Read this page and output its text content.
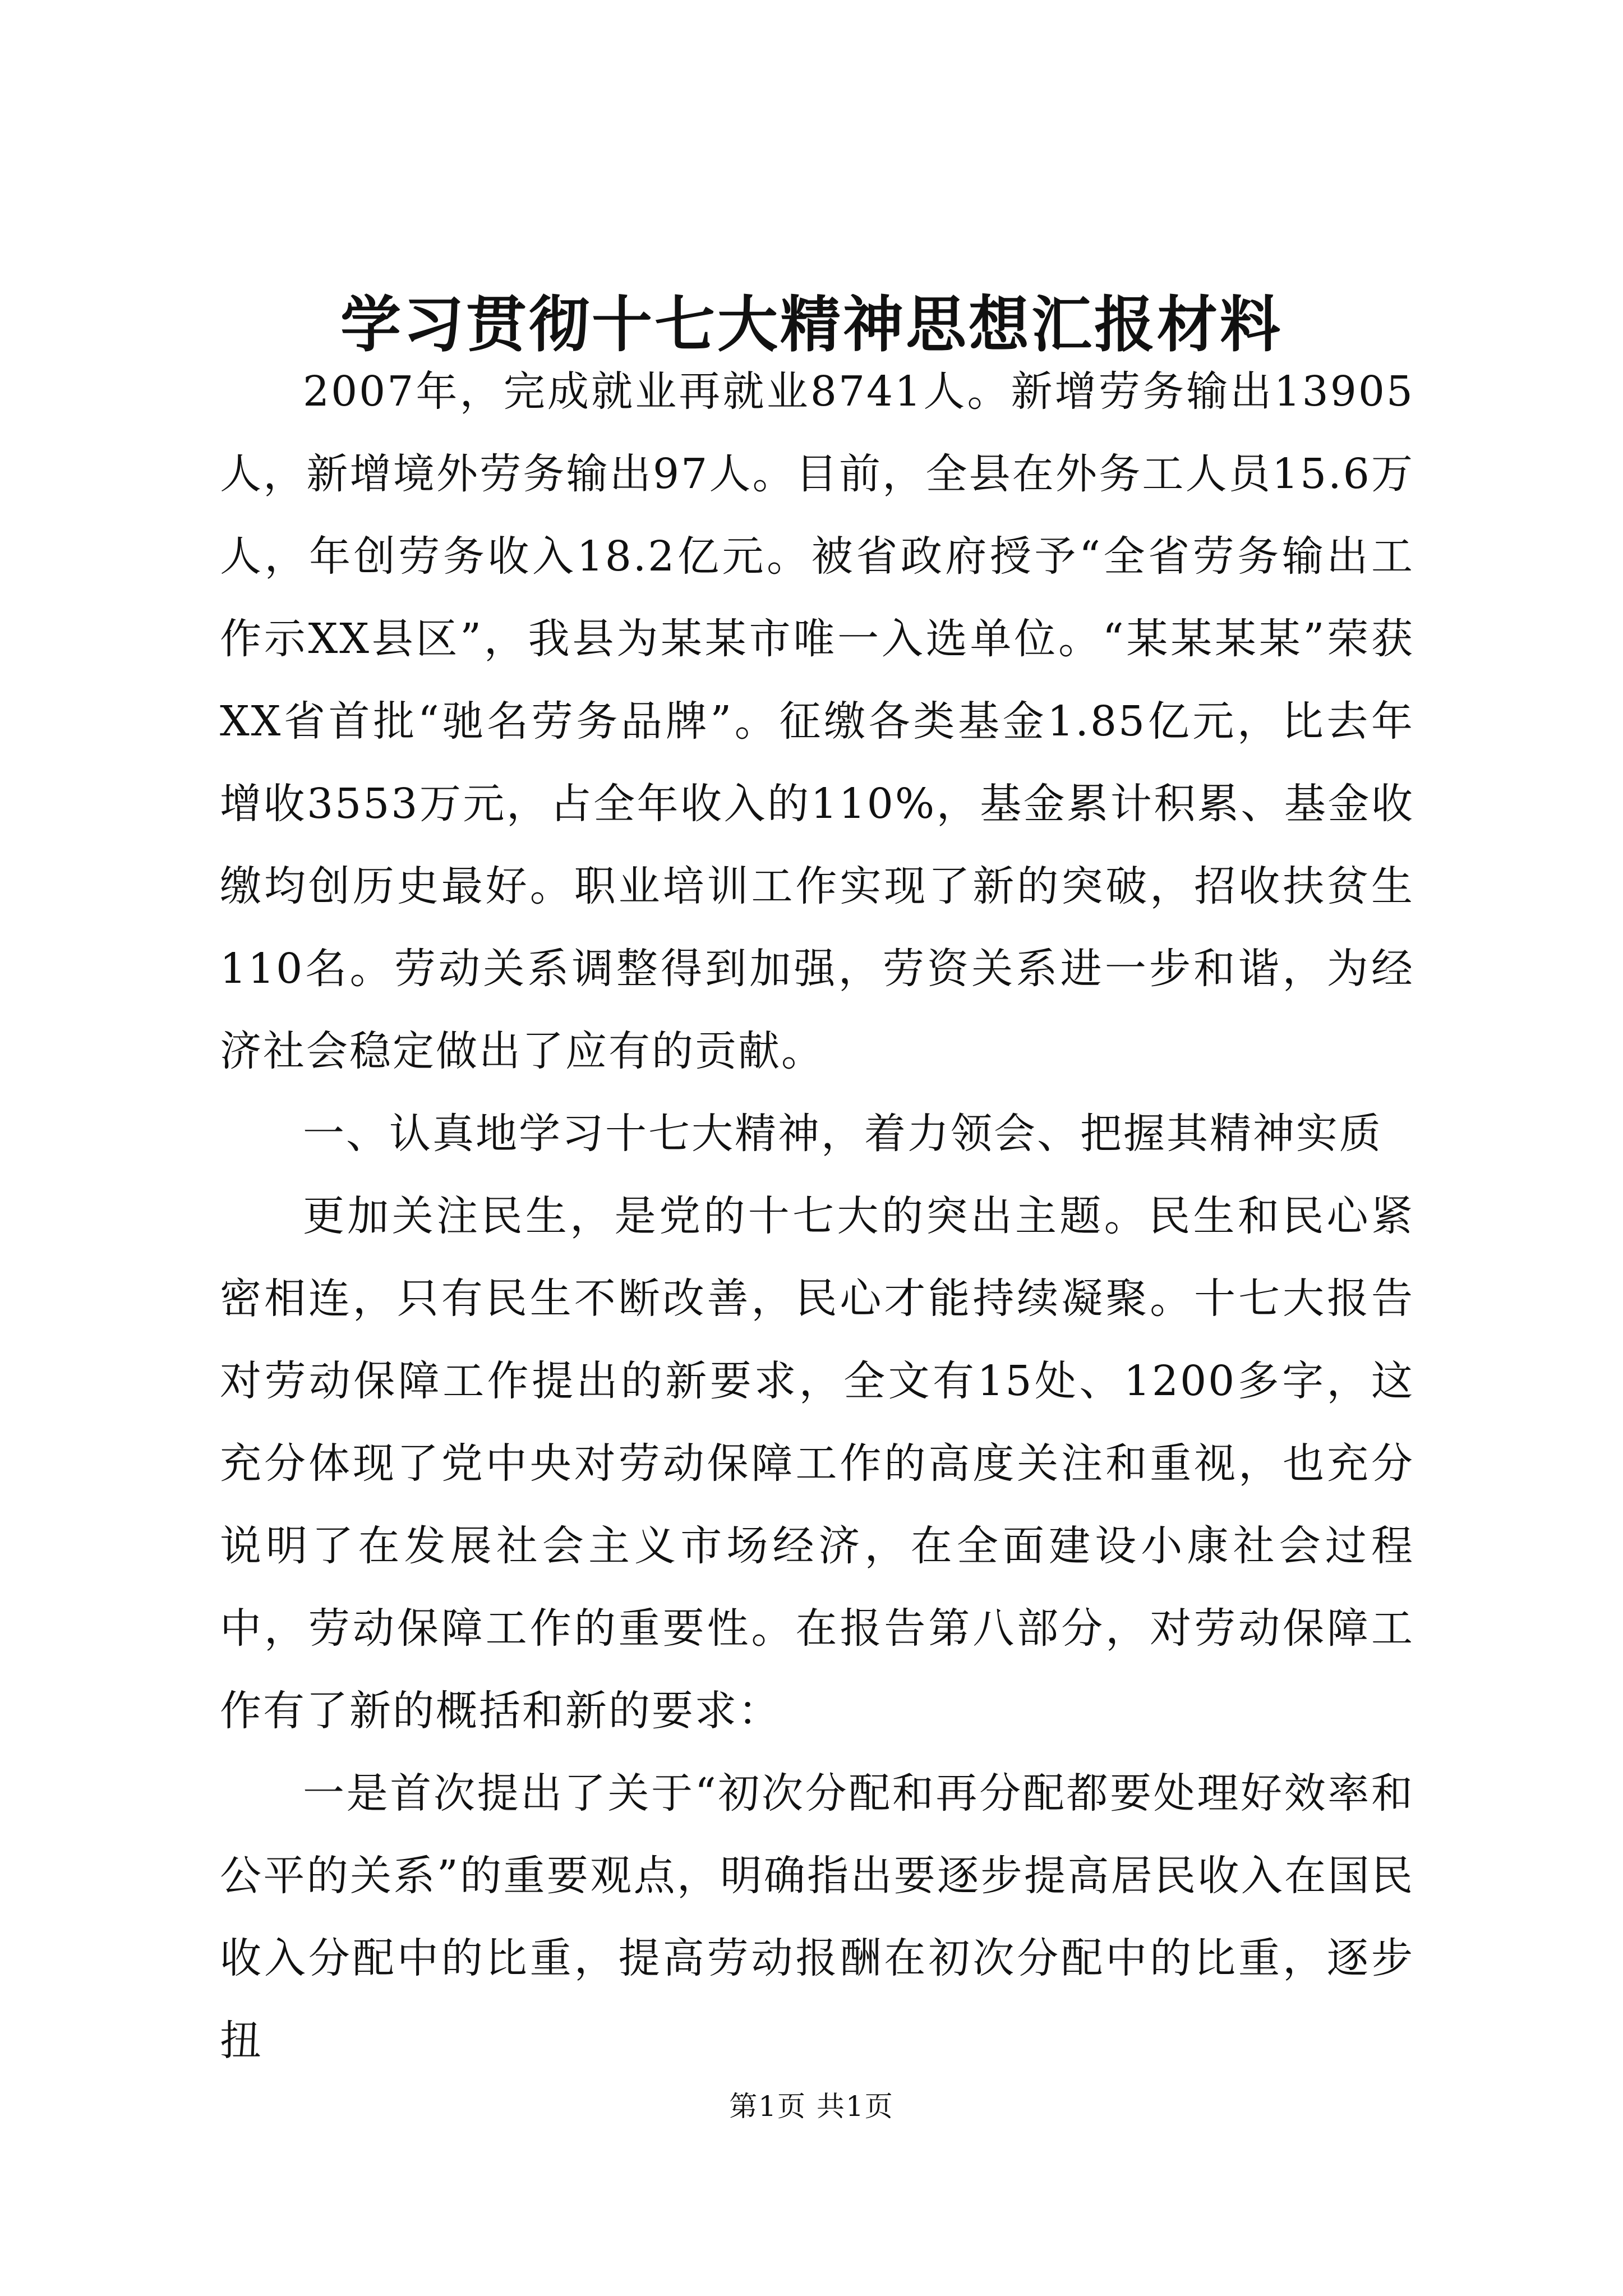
学习贯彻十七大精神思想汇报材料

2007年，完成就业再就业8741人。新增劳务输出13905人，新增境外劳务输出97人。目前，全县在外务工人员15.6万人，年创劳务收入18.2亿元。被省政府授予“全省劳务输出工作示XX县区”，我县为某某市唯一入选单位。“某某某某”荣获XX省首批“驰名劳务品牌”。征缴各类基金1.85亿元，比去年增收3553万元，占全年收入的110%，基金累计积累、基金收缴均创历史最好。职业培训工作实现了新的突破，招收扶贫生110名。劳动关系调整得到加强，劳资关系进一步和谐，为经济社会稳定做出了应有的贡献。

一、认真地学习十七大精神，着力领会、把握其精神实质

更加关注民生，是党的十七大的突出主题。民生和民心紧密相连，只有民生不断改善，民心才能持续凝聚。十七大报告对劳动保障工作提出的新要求，全文有15处、1200多字，这充分体现了党中央对劳动保障工作的高度关注和重视，也充分说明了在发展社会主义市场经济，在全面建设小康社会过程中，劳动保障工作的重要性。在报告第八部分，对劳动保障工作有了新的概括和新的要求：

一是首次提出了关于“初次分配和再分配都要处理好效率和公平的关系”的重要观点，明确指出要逐步提高居民收入在国民收入分配中的比重，提高劳动报酬在初次分配中的比重，逐步扭

第1页 共1页
